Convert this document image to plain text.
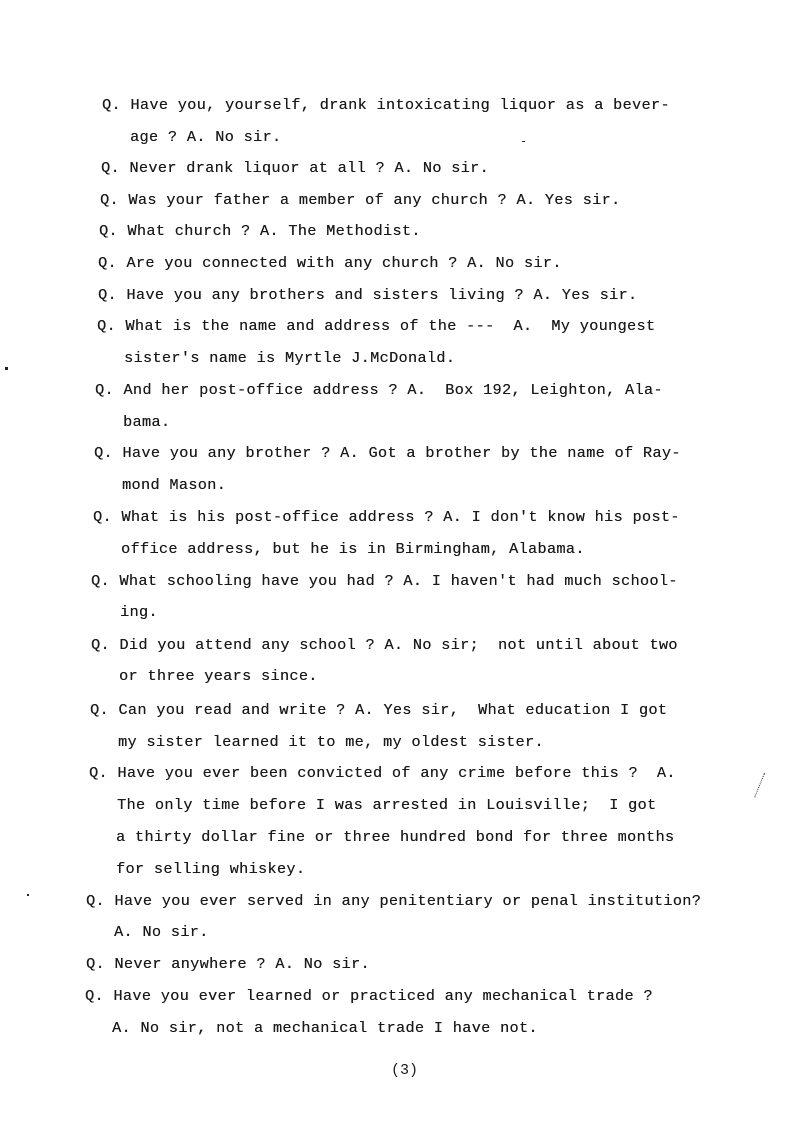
Q. Have you, yourself, drank intoxicating liquor as a bever-
age ? A. No sir.
Q. Never drank liquor at all ? A. No sir.
Q. Was your father a member of any church ? A. Yes sir.
Q. What church ? A. The Methodist.
Q. Are you connected with any church ? A. No sir.
Q. Have you any brothers and sisters living ? A. Yes sir.
Q. What is the name and address of the ---  A.  My youngest
sister's name is Myrtle J.McDonald.
Q. And her post-office address ? A.  Box 192, Leighton, Ala-
bama.
Q. Have you any brother ? A. Got a brother by the name of Ray-
mond Mason.
Q. What is his post-office address ? A. I don't know his post-
office address, but he is in Birmingham, Alabama.
Q. What schooling have you had ? A. I haven't had much school-
ing.
Q. Did you attend any school ? A. No sir;  not until about two
or three years since.
Q. Can you read and write ? A. Yes sir,  What education I got
my sister learned it to me, my oldest sister.
Q. Have you ever been convicted of any crime before this ?  A.
The only time before I was arrested in Louisville;  I got
a thirty dollar fine or three hundred bond for three months
for selling whiskey.
Q. Have you ever served in any penitentiary or penal institution?
A. No sir.
Q. Never anywhere ? A. No sir.
Q. Have you ever learned or practiced any mechanical trade ?
A. No sir, not a mechanical trade I have not.
(3)
